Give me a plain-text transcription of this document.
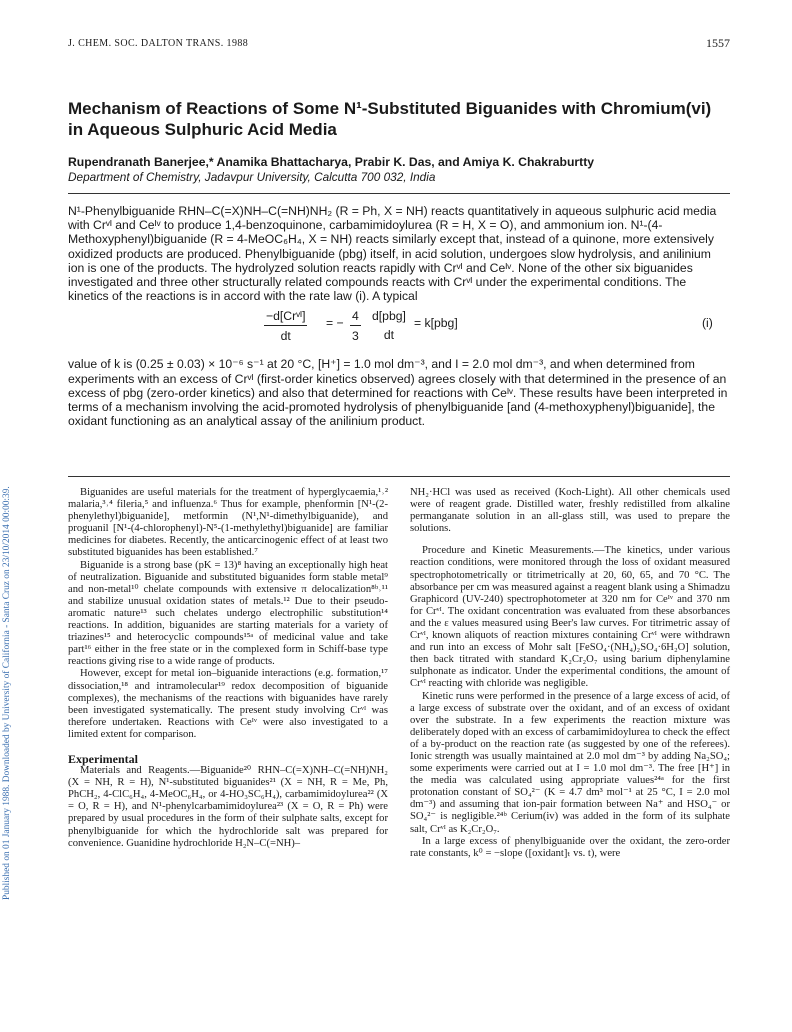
Published on 01 January 1988. Downloaded by University of California - Santa Cruz on 23/10/2014 00:00:39.
J. CHEM. SOC. DALTON TRANS. 1988	1557
Mechanism of Reactions of Some N¹-Substituted Biguanides with Chromium(vi)
in Aqueous Sulphuric Acid Media
Rupendranath Banerjee,* Anamika Bhattacharya, Prabir K. Das, and Amiya K. Chakraburtty
Department of Chemistry, Jadavpur University, Calcutta 700 032, India

N¹-Phenylbiguanide RHN–C(=X)NH–C(=NH)NH₂ (R = Ph, X = NH) reacts quantitatively in aqueous sulphuric acid media with Crᵛᴵ and Ceᴵᵛ to produce 1,4-benzoquinone, carbamimidoylurea (R = H, X = O), and ammonium ion. N¹-(4-Methoxyphenyl)biguanide (R = 4-MeOC₆H₄, X = NH) reacts similarly except that, instead of a quinone, more extensively oxidized products are produced. Phenylbiguanide (pbg) itself, in acid solution, undergoes slow hydrolysis, and anilinium ion is one of the products. The hydrolyzed solution reacts rapidly with Crᵛᴵ and Ceᴵᵛ. None of the other six biguanides investigated and three other structurally related compounds reacts with Crᵛᴵ under the experimental conditions. The kinetics of the reactions is in accord with the rate law (i). A typical

−d[Crᵛᴵ]
dt
= − $\frac{4}{3} d[pbg]$
dt
= k[pbg]	(i)

value of k is (0.25 ± 0.03) × 10⁻⁶ s⁻¹ at 20 °C, [H⁺] = 1.0 mol dm⁻³, and I = 2.0 mol dm⁻³, and when determined from experiments with an excess of Crᵛᴵ (first-order kinetics observed) agrees closely with that determined in the presence of an excess of pbg (zero-order kinetics) and also that determined for reactions with Ceᴵᵛ. These results have been interpreted in terms of a mechanism involving the acid-promoted hydrolysis of phenylbiguanide [and (4-methoxyphenyl)biguanide], the oxidant functioning as an analytical assay of the anilinium product.

Biguanides are useful materials for the treatment of hyperglycaemia,¹˒² malaria,³˒⁴ fileria,⁵ and influenza.⁶ Thus for example, phenformin [N¹-(2-phenylethyl)biguanide], metformin (N¹,N¹-dimethylbiguanide), and proguanil [N¹-(4-chlorophenyl)-N⁵-(1-methylethyl)biguanide] are familiar medicines for diabetes. Recently, the anticarcinogenic effect of at least two substituted biguanides has been established.⁷

Biguanide is a strong base (pK = 13)⁸ having an exceptionally high heat of neutralization. Biguanide and substituted biguanides form stable metal⁹ and non-metal¹⁰ chelate compounds with extensive π delocalization⁸ᵇ˒¹¹ and stabilize unusual oxidation states of metals.¹² Due to their pseudo-aromatic nature¹³ such chelates undergo electrophilic substitution¹⁴ reactions. In addition, biguanides are starting materials for a variety of triazines¹⁵ and heterocyclic compounds¹⁵ᵃ of medicinal value and take part¹⁶ either in the free state or in the complexed form in Schiff-base type reactions giving rise to a wide range of products.

However, except for metal ion–biguanide interactions (e.g. formation,¹⁷ dissociation,¹⁸ and intramolecular¹⁹ redox decomposition of biguanide complexes), the mechanisms of the reactions with biguanides have rarely been investigated systematically. The present study involving Crᵛᴵ was therefore undertaken. Reactions with Ceᴵᵛ were also investigated to a limited extent for comparison.

Experimental

Materials and Reagents.—Biguanide²⁰ RHN–C(=X)NH–C(=NH)NH₂ (X = NH, R = H), N¹-substituted biguanides²¹ (X = NH, R = Me, Ph, PhCH₂, 4-ClC₆H₄, 4-MeOC₆H₄, or 4-HO₃SC₆H₄), carbamimidoylurea²² (X = O, R = H), and N¹-phenylcarbamimidoylurea²³ (X = O, R = Ph) were prepared by usual procedures in the form of their sulphate salts, except for phenylbiguanide for which the hydrochloride salt was prepared for convenience. Guanidine hydrochloride H₂N–C(=NH)–

NH₂·HCl was used as received (Koch-Light). All other chemicals used were of reagent grade. Distilled water, freshly redistilled from alkaline permanganate solution in an all-glass still, was used to prepare the solutions.

Procedure and Kinetic Measurements.—The kinetics, under various reaction conditions, were monitored through the loss of oxidant measured spectrophotometrically or titrimetrically at 20, 60, 65, and 70 °C. The absorbance per cm was measured against a reagent blank using a Shimadzu Graphicord (UV-240) spectrophotometer at 320 nm for Ceᴵᵛ and 370 nm for Crᵛᴵ. The oxidant concentration was evaluated from these absorbances and the ε values measured using Beer's law curves. For titrimetric assay of Crᵛᴵ, known aliquots of reaction mixtures containing Crᵛᴵ were withdrawn and run into an excess of Mohr salt [FeSO₄·(NH₄)₂SO₄·6H₂O] solution, then back titrated with standard K₂Cr₂O₇ using barium diphenylamine sulphonate as indicator. Under the experimental conditions, the amount of Crᵛᴵ reacting with chloride was negligible.

Kinetic runs were performed in the presence of a large excess of acid, of a large excess of substrate over the oxidant, and of an excess of oxidant over the substrate. In a few experiments the reaction mixture was deliberately doped with an excess of carbamimidoylurea to check the effect of a by-product on the reaction rate (as suggested by one of the referees). Ionic strength was usually maintained at 2.0 mol dm⁻³ by adding Na₂SO₄; some experiments were carried out at I = 1.0 mol dm⁻³. The free [H⁺] in the media was calculated using appropriate values²⁴ᵃ for the first protonation constant of SO₄²⁻ (K = 4.7 dm³ mol⁻¹ at 25 °C, I = 2.0 mol dm⁻³) and assuming that ion-pair formation between Na⁺ and HSO₄⁻ or SO₄²⁻ is negligible.²⁴ᵇ Cerium(iv) was added in the form of its sulphate salt, Crᵛᴵ as K₂Cr₂O₇.

In a large excess of phenylbiguanide over the oxidant, the zero-order rate constants, k⁰ = −slope ([oxidant]ₜ vs. t), were
